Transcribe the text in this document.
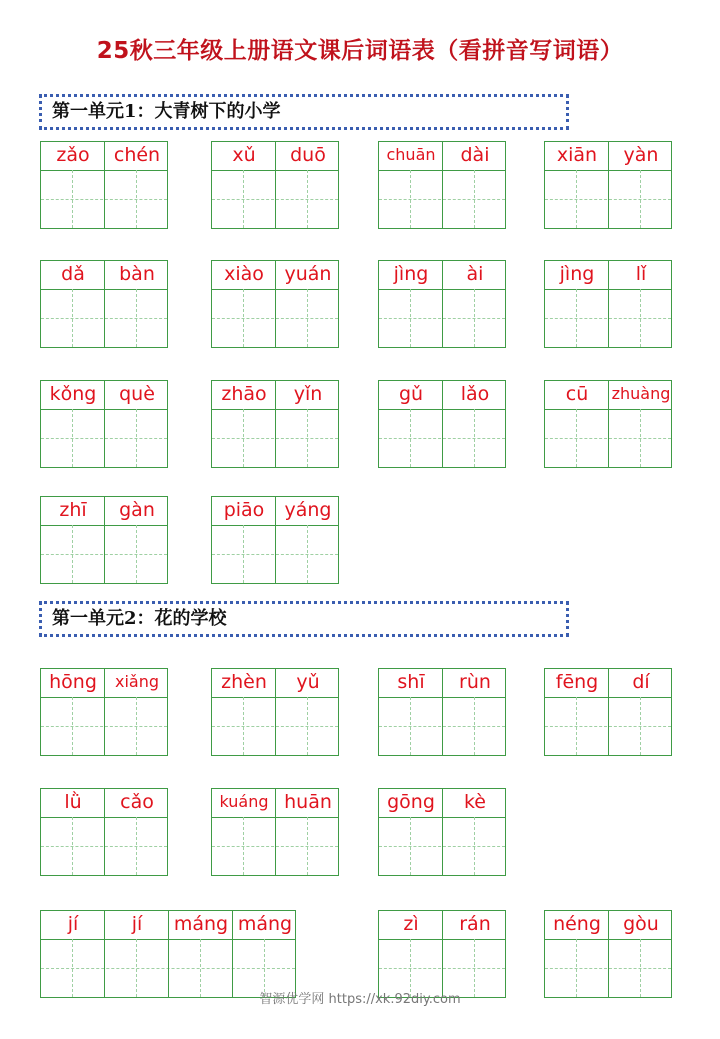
25秋三年级上册语文课后词语表（看拼音写词语）
第一单元1：大青树下的小学
第一单元2：花的学校
zǎo	chén	xǔ	duō	chuān	dài	xiān	yàn
dǎ	bàn	xiào	yuán	jìng	ài	jìng	lǐ
kǒng	què	zhāo	yǐn	gǔ	lǎo	cū	zhuàng
zhī	gàn	piāo	yáng
hōng	xiǎng	zhèn	yǔ	shī	rùn	fēng	dí
lǜ	cǎo	kuáng huān	gōng	kè
jí	jí	máng máng	zì	rán	néng	gòu
智源优学网 https://xk.92diy.com
